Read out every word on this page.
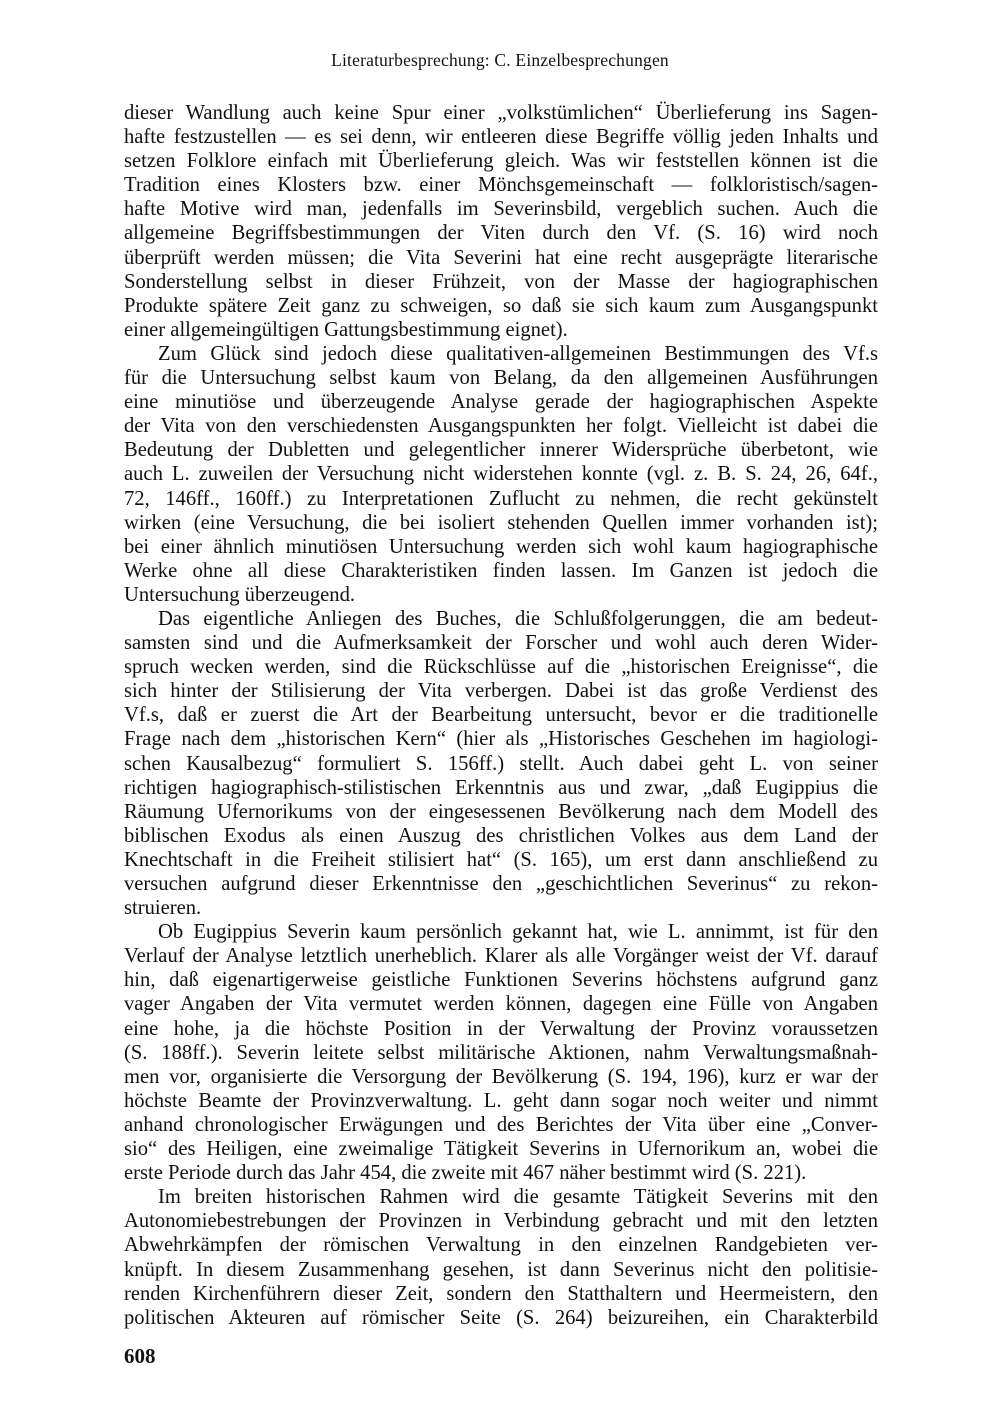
Literaturbesprechung: C. Einzelbesprechungen
dieser Wandlung auch keine Spur einer „volkstümlichen“ Überlieferung ins Sagen-
hafte festzustellen — es sei denn, wir entleeren diese Begriffe völlig jeden Inhalts und
setzen Folklore einfach mit Überlieferung gleich. Was wir feststellen können ist die
Tradition eines Klosters bzw. einer Mönchsgemeinschaft — folkloristisch/sagen-
hafte Motive wird man, jedenfalls im Severinsbild, vergeblich suchen. Auch die
allgemeine Begriffsbestimmungen der Viten durch den Vf. (S. 16) wird noch
überprüft werden müssen; die Vita Severini hat eine recht ausgeprägte literarische
Sonderstellung selbst in dieser Frühzeit, von der Masse der hagiographischen
Produkte spätere Zeit ganz zu schweigen, so daß sie sich kaum zum Ausgangspunkt
einer allgemeingültigen Gattungsbestimmung eignet).
Zum Glück sind jedoch diese qualitativen-allgemeinen Bestimmungen des Vf.s
für die Untersuchung selbst kaum von Belang, da den allgemeinen Ausführungen
eine minutiöse und überzeugende Analyse gerade der hagiographischen Aspekte
der Vita von den verschiedensten Ausgangspunkten her folgt. Vielleicht ist dabei die
Bedeutung der Dubletten und gelegentlicher innerer Widersprüche überbetont, wie
auch L. zuweilen der Versuchung nicht widerstehen konnte (vgl. z. B. S. 24, 26, 64f.,
72, 146ff., 160ff.) zu Interpretationen Zuflucht zu nehmen, die recht gekünstelt
wirken (eine Versuchung, die bei isoliert stehenden Quellen immer vorhanden ist);
bei einer ähnlich minutiösen Untersuchung werden sich wohl kaum hagiographische
Werke ohne all diese Charakteristiken finden lassen. Im Ganzen ist jedoch die
Untersuchung überzeugend.
Das eigentliche Anliegen des Buches, die Schlußfolgerunggen, die am bedeut-
samsten sind und die Aufmerksamkeit der Forscher und wohl auch deren Wider-
spruch wecken werden, sind die Rückschlüsse auf die „historischen Ereignisse“, die
sich hinter der Stilisierung der Vita verbergen. Dabei ist das große Verdienst des
Vf.s, daß er zuerst die Art der Bearbeitung untersucht, bevor er die traditionelle
Frage nach dem „historischen Kern“ (hier als „Historisches Geschehen im hagiologi-
schen Kausalbezug“ formuliert S. 156ff.) stellt. Auch dabei geht L. von seiner
richtigen hagiographisch-stilistischen Erkenntnis aus und zwar, „daß Eugippius die
Räumung Ufernorikums von der eingesessenen Bevölkerung nach dem Modell des
biblischen Exodus als einen Auszug des christlichen Volkes aus dem Land der
Knechtschaft in die Freiheit stilisiert hat“ (S. 165), um erst dann anschließend zu
versuchen aufgrund dieser Erkenntnisse den „geschichtlichen Severinus“ zu rekon-
struieren.
Ob Eugippius Severin kaum persönlich gekannt hat, wie L. annimmt, ist für den
Verlauf der Analyse letztlich unerheblich. Klarer als alle Vorgänger weist der Vf. darauf
hin, daß eigenartigerweise geistliche Funktionen Severins höchstens aufgrund ganz
vager Angaben der Vita vermutet werden können, dagegen eine Fülle von Angaben
eine hohe, ja die höchste Position in der Verwaltung der Provinz voraussetzen
(S. 188ff.). Severin leitete selbst militärische Aktionen, nahm Verwaltungsmaßnah-
men vor, organisierte die Versorgung der Bevölkerung (S. 194, 196), kurz er war der
höchste Beamte der Provinzverwaltung. L. geht dann sogar noch weiter und nimmt
anhand chronologischer Erwägungen und des Berichtes der Vita über eine „Conver-
sio“ des Heiligen, eine zweimalige Tätigkeit Severins in Ufernorikum an, wobei die
erste Periode durch das Jahr 454, die zweite mit 467 näher bestimmt wird (S. 221).
Im breiten historischen Rahmen wird die gesamte Tätigkeit Severins mit den
Autonomiebestrebungen der Provinzen in Verbindung gebracht und mit den letzten
Abwehrkämpfen der römischen Verwaltung in den einzelnen Randgebieten ver-
knüpft. In diesem Zusammenhang gesehen, ist dann Severinus nicht den politisie-
renden Kirchenführern dieser Zeit, sondern den Statthaltern und Heermeistern, den
politischen Akteuren auf römischer Seite (S. 264) beizureihen, ein Charakterbild
608
